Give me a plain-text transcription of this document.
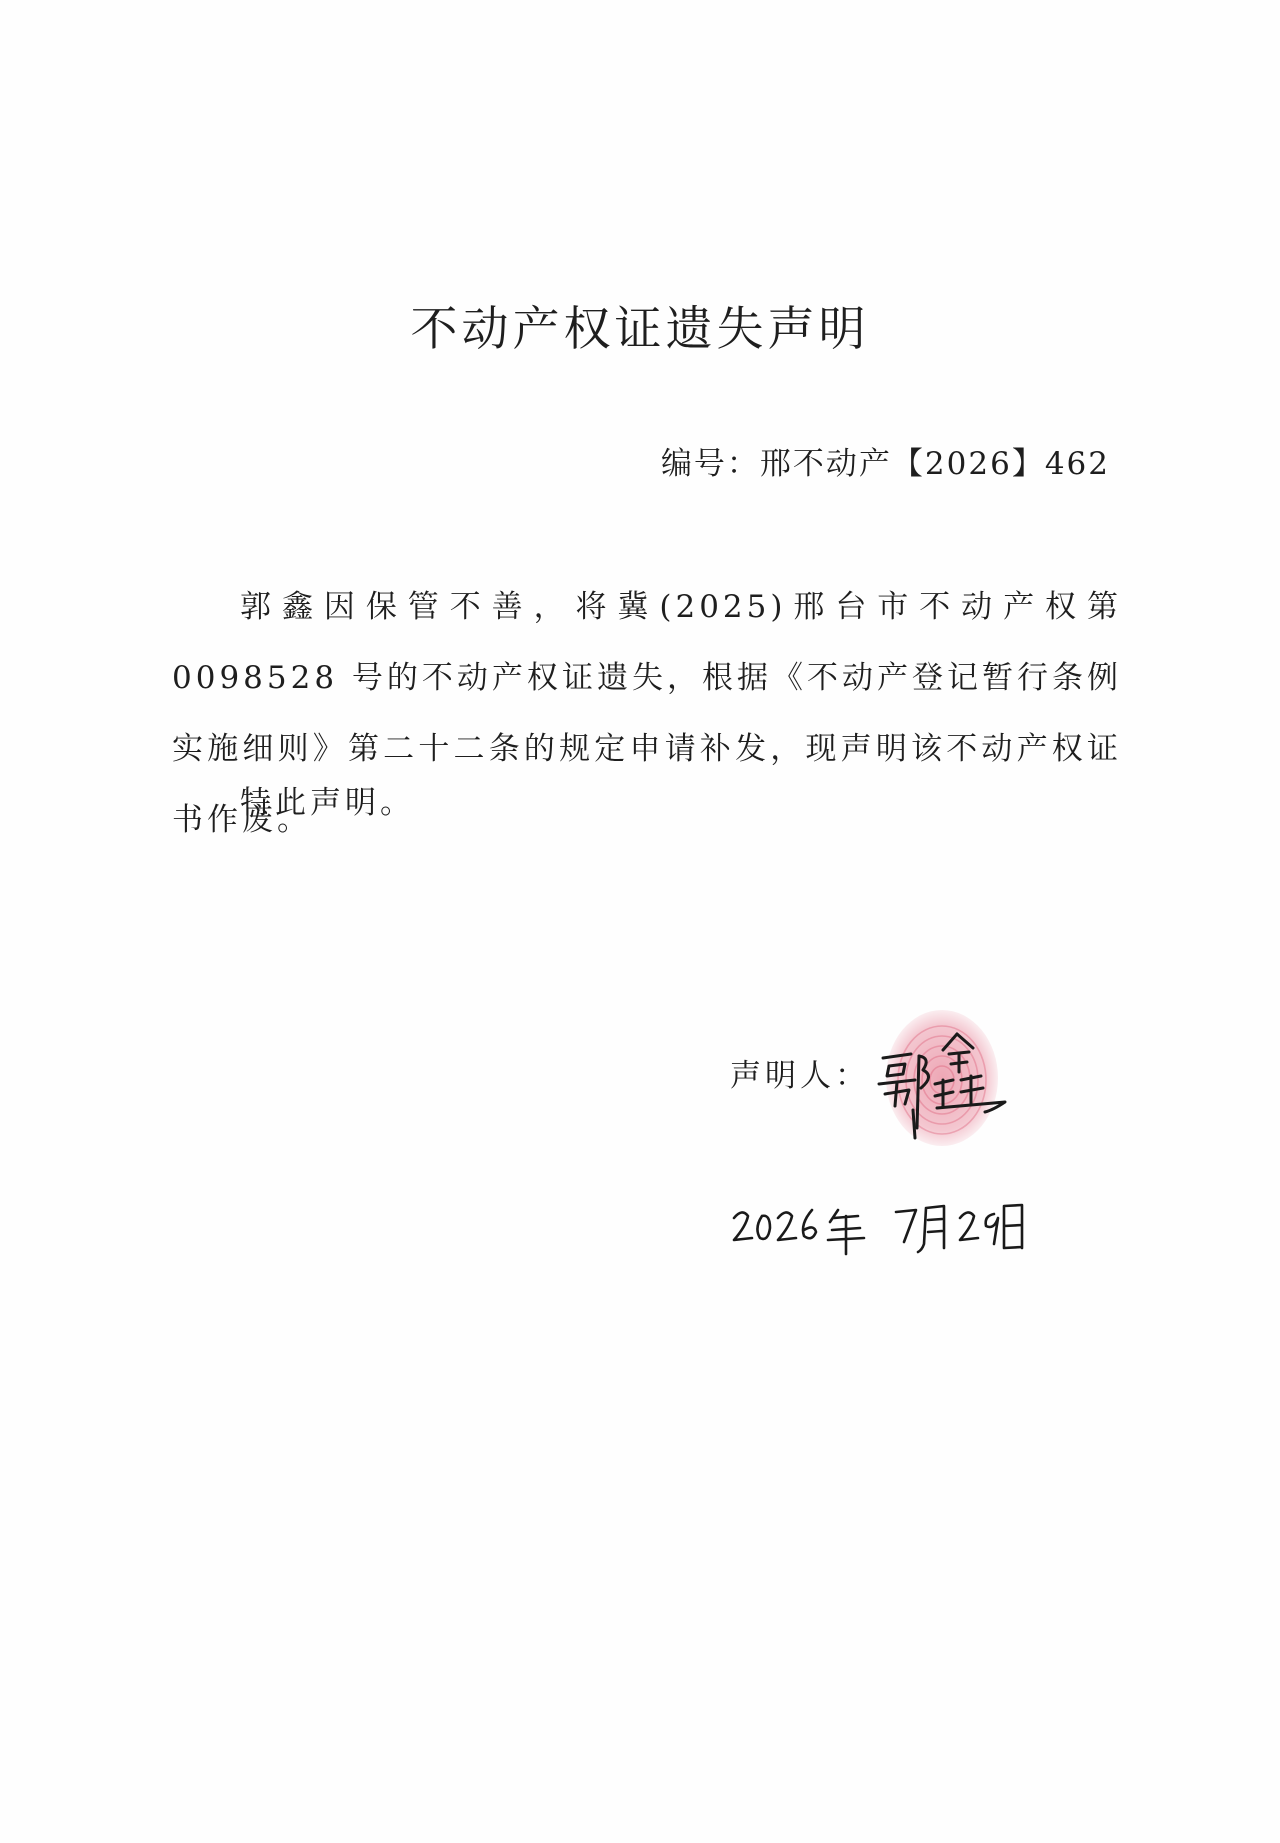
不动产权证遗失声明
编号：邢不动产【2026】462

郭鑫因保管不善，将冀(2025)邢台市不动产权第 0098528 号的不动产权证遗失，根据《不动产登记暂行条例实施细则》第二十二条的规定申请补发，现声明该不动产权证书作废。

特此声明。
声明人：
